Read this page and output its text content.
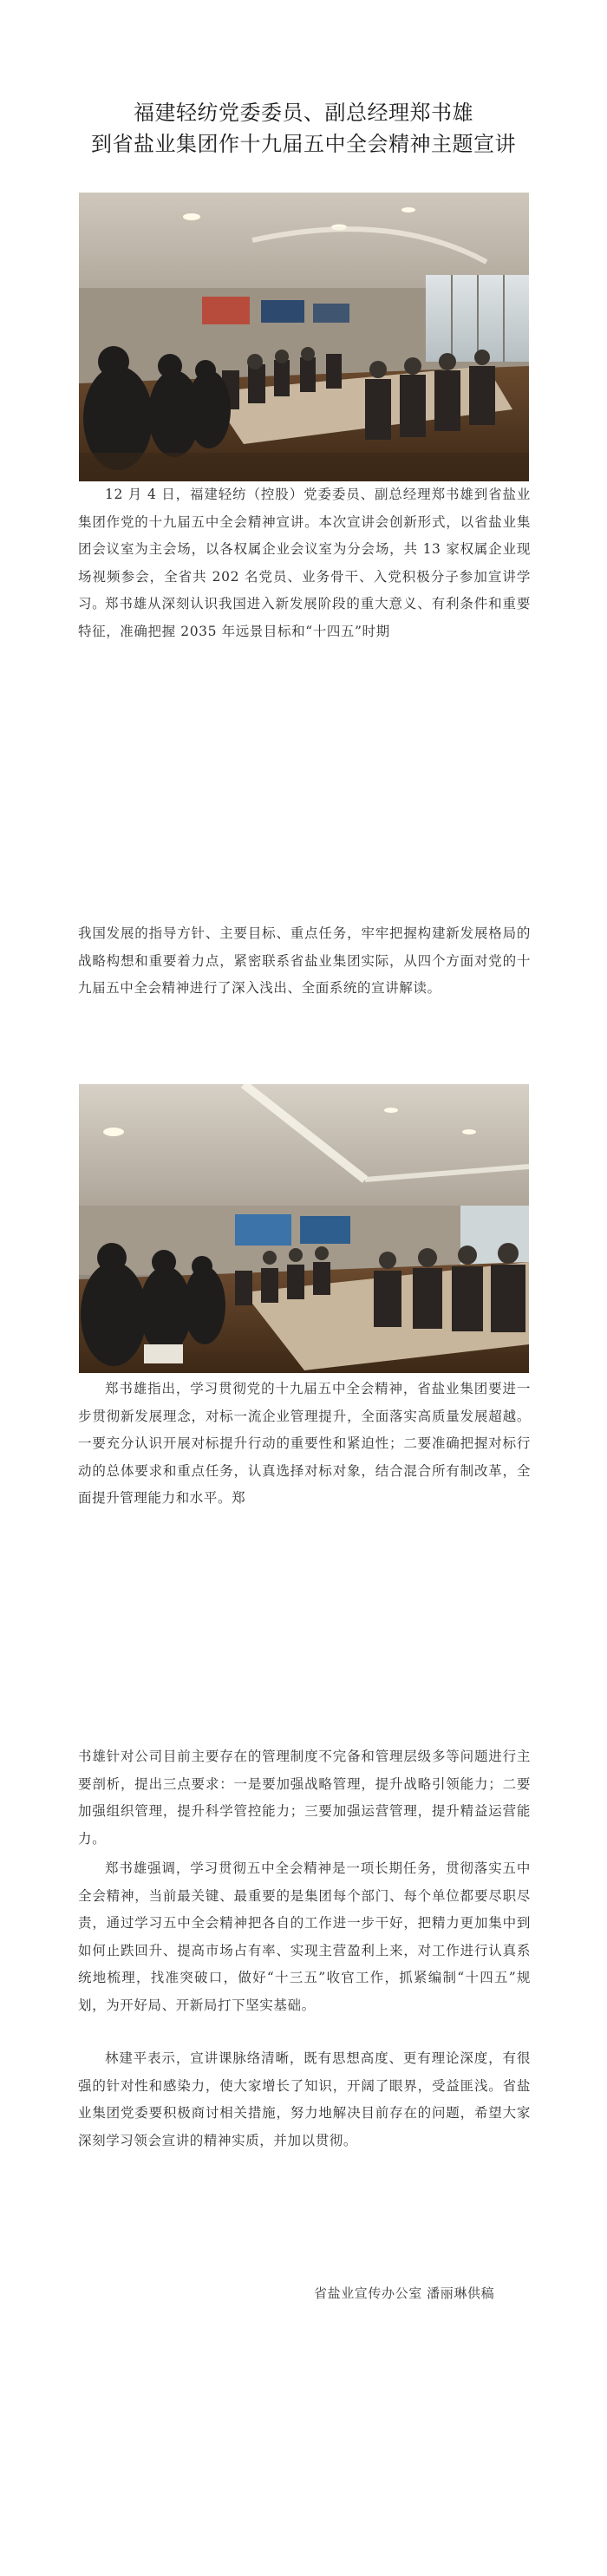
福建轻纺党委委员、副总经理郑书雄
到省盐业集团作十九届五中全会精神主题宣讲

12 月 4 日，福建轻纺（控股）党委委员、副总经理郑书雄到省盐业集团作党的十九届五中全会精神宣讲。本次宣讲会创新形式，以省盐业集团会议室为主会场，以各权属企业会议室为分会场，共 13 家权属企业现场视频参会，全省共 202 名党员、业务骨干、入党积极分子参加宣讲学习。

郑书雄从深刻认识我国进入新发展阶段的重大意义、有利条件和重要特征，准确把握 2035 年远景目标和“十四五”时期

我国发展的指导方针、主要目标、重点任务，牢牢把握构建新发展格局的战略构想和重要着力点，紧密联系省盐业集团实际，从四个方面对党的十九届五中全会精神进行了深入浅出、全面系统的宣讲解读。

郑书雄指出，学习贯彻党的十九届五中全会精神，省盐业集团要进一步贯彻新发展理念，对标一流企业管理提升，全面落实高质量发展超越。一要充分认识开展对标提升行动的重要性和紧迫性；二要准确把握对标行动的总体要求和重点任务，认真选择对标对象，结合混合所有制改革，全面提升管理能力和水平。郑

书雄针对公司目前主要存在的管理制度不完备和管理层级多等问题进行主要剖析，提出三点要求：一是要加强战略管理，提升战略引领能力；二要加强组织管理，提升科学管控能力；三要加强运营管理，提升精益运营能力。

郑书雄强调，学习贯彻五中全会精神是一项长期任务，贯彻落实五中全会精神，当前最关键、最重要的是集团每个部门、每个单位都要尽职尽责，通过学习五中全会精神把各自的工作进一步干好，把精力更加集中到如何止跌回升、提高市场占有率、实现主营盈利上来，对工作进行认真系统地梳理，找准突破口，做好“十三五”收官工作，抓紧编制“十四五”规划，为开好局、开新局打下坚实基础。

林建平表示，宣讲课脉络清晰，既有思想高度、更有理论深度，有很强的针对性和感染力，使大家增长了知识，开阔了眼界，受益匪浅。省盐业集团党委要积极商讨相关措施，努力地解决目前存在的问题，希望大家深刻学习领会宣讲的精神实质，并加以贯彻。

省盐业宣传办公室 潘丽琳供稿
